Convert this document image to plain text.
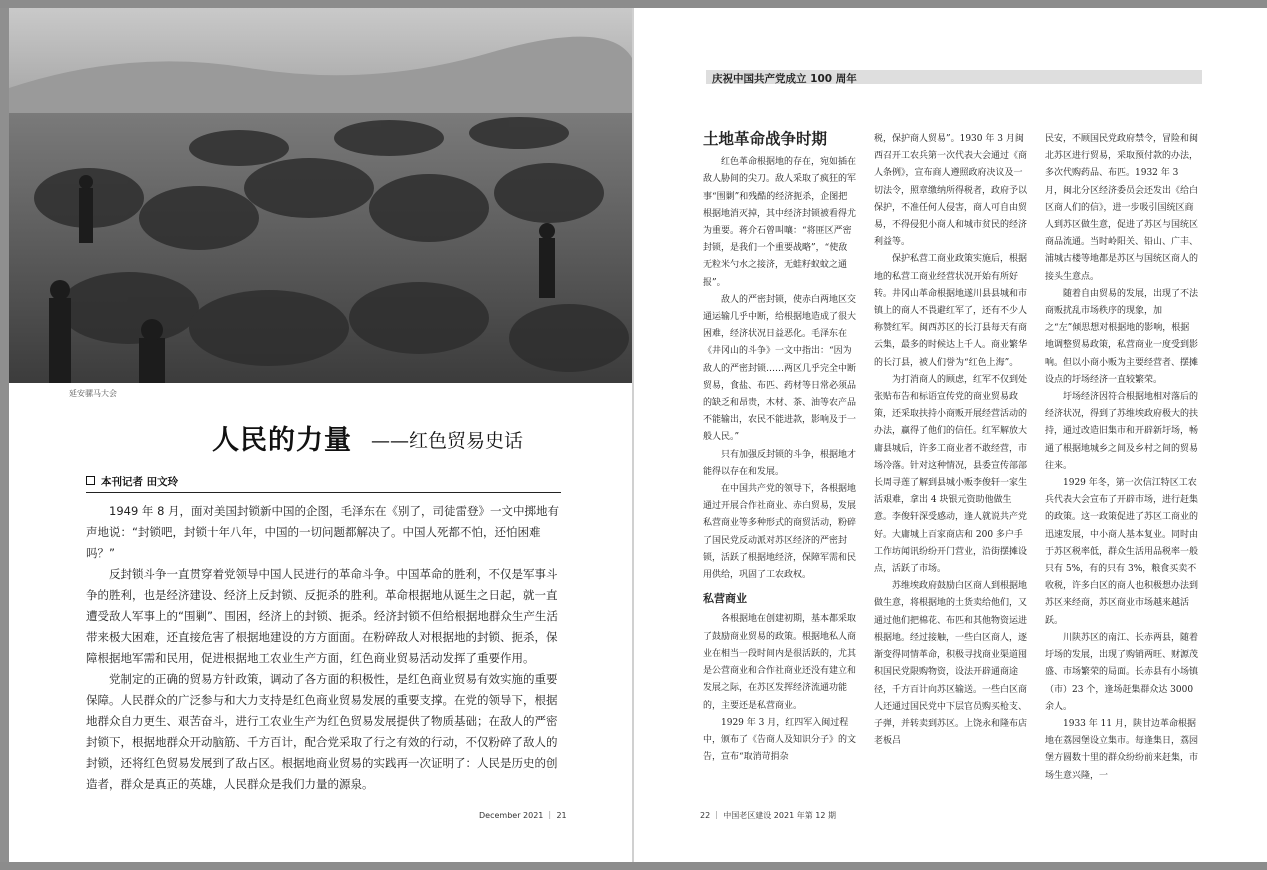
延安骡马大会
人民的力量 ——红色贸易史话
本刊记者 田文玲

1949 年 8 月，面对美国封锁新中国的企图，毛泽东在《别了，司徒雷登》一文中掷地有声地说：“封锁吧，封锁十年八年，中国的一切问题都解决了。中国人死都不怕，还怕困难吗？”

反封锁斗争一直贯穿着党领导中国人民进行的革命斗争。中国革命的胜利，不仅是军事斗争的胜利，也是经济建设、经济上反封锁、反扼杀的胜利。革命根据地从诞生之日起，就一直遭受敌人军事上的“围剿”、围困，经济上的封锁、扼杀。经济封锁不但给根据地群众生产生活带来极大困难，还直接危害了根据地建设的方方面面。在粉碎敌人对根据地的封锁、扼杀，保障根据地军需和民用，促进根据地工农业生产方面，红色商业贸易活动发挥了重要作用。

党制定的正确的贸易方针政策，调动了各方面的积极性，是红色商业贸易有效实施的重要保障。人民群众的广泛参与和大力支持是红色商业贸易发展的重要支撑。在党的领导下，根据地群众自力更生、艰苦奋斗，进行工农业生产为红色贸易发展提供了物质基础；在敌人的严密封锁下，根据地群众开动脑筋、千方百计，配合党采取了行之有效的行动，不仅粉碎了敌人的封锁，还将红色贸易发展到了敌占区。根据地商业贸易的实践再一次证明了：人民是历史的创造者，群众是真正的英雄，人民群众是我们力量的源泉。

December 2021 ｜ 21
庆祝中国共产党成立 100 周年
土地革命战争时期

红色革命根据地的存在，宛如插在敌人胁间的尖刀。敌人采取了疯狂的军事“围剿”和残酷的经济扼杀，企图把根据地消灭掉，其中经济封锁被看得尤为重要。蒋介石曾叫嚷：“将匪区严密封锁，是我们一个重要战略”，“使敌无粒米勺水之接济，无蛙籽蚁蚊之通报”。

敌人的严密封锁，使赤白两地区交通运输几乎中断，给根据地造成了很大困难，经济状况日益恶化。毛泽东在《井冈山的斗争》一文中指出：“因为敌人的严密封锁……两区几乎完全中断贸易，食盐、布匹、药材等日常必须品的缺乏和昂贵，木材、茶、油等农产品不能输出，农民不能进款，影响及于一般人民。”

只有加强反封锁的斗争，根据地才能得以存在和发展。

在中国共产党的领导下，各根据地通过开展合作社商业、赤白贸易，发展私营商业等多种形式的商贸活动，粉碎了国民党反动派对苏区经济的严密封锁，活跃了根据地经济，保障军需和民用供给，巩固了工农政权。

私营商业

各根据地在创建初期，基本都采取了鼓励商业贸易的政策。根据地私人商业在相当一段时间内是很活跃的，尤其是公营商业和合作社商业还没有建立和发展之际，在苏区发挥经济流通功能的，主要还是私营商业。

1929 年 3 月，红四军入闽过程中，颁布了《告商人及知识分子》的文告，宣布“取消苛捐杂

税，保护商人贸易”。1930 年 3 月闽西召开工农兵第一次代表大会通过《商人条例》，宣布商人遵照政府决议及一切法令，照章缴纳所得税者，政府予以保护，不准任何人侵害，商人可自由贸易，不得侵犯小商人和城市贫民的经济利益等。

保护私营工商业政策实施后，根据地的私营工商业经营状况开始有所好转。井冈山革命根据地遂川县县城和市镇上的商人不畏避红军了，还有不少人称赞红军。闽西苏区的长汀县每天有商云集，最多的时候达上千人。商业繁华的长汀县，被人们誉为“红色上海”。

为打消商人的顾虑，红军不仅到处张贴布告和标语宣传党的商业贸易政策，还采取扶持小商贩开展经营活动的办法，赢得了他们的信任。红军解放大庸县城后，许多工商业者不敢经营，市场冷落。针对这种情况，县委宣传部部长周寻莲了解到县城小贩李俊轩一家生活艰难，拿出 4 块银元资助他做生意。李俊轩深受感动，逢人就说共产党好。大庸城上百家商店和 200 多户手工作坊闻讯纷纷开门营业，沿街摆摊设点，活跃了市场。

苏维埃政府鼓励白区商人到根据地做生意，将根据地的土货卖给他们，又通过他们把棉花、布匹和其他物资运进根据地。经过接触，一些白区商人，逐渐变得同情革命，积极寻找商业渠道囤积国民党限购物资，设法开辟通商途径，千方百计向苏区输送。一些白区商人还通过国民党中下层官员购买枪支、子弹，并转卖到苏区。上饶永和隆布店老板吕

民安，不顾国民党政府禁令，冒险和闽北苏区进行贸易，采取预付款的办法，多次代购药品、布匹。1932 年 3 月，闽北分区经济委员会还发出《给白区商人们的信》，进一步吸引国统区商人到苏区做生意，促进了苏区与国统区商品流通。当时岭阳关、铅山、广丰、浦城古楼等地都是苏区与国统区商人的接头生意点。

随着自由贸易的发展，出现了不法商贩扰乱市场秩序的现象，加之“左”倾思想对根据地的影响，根据地调整贸易政策，私营商业一度受到影响。但以小商小贩为主要经营者、摆摊设点的圩场经济一直较繁荣。

圩场经济因符合根据地相对落后的经济状况，得到了苏维埃政府极大的扶持，通过改造旧集市和开辟新圩场，畅通了根据地城乡之间及乡村之间的贸易往来。

1929 年冬，第一次信江特区工农兵代表大会宣布了开辟市场，进行赶集的政策。这一政策促进了苏区工商业的迅速发展，中小商人基本复业。同时由于苏区税率低，群众生活用品税率一般只有 5%，有的只有 3%，粮食买卖不收税，许多白区的商人也积极想办法到苏区来经商，苏区商业市场越来越活跃。

川陕苏区的南江、长赤两县，随着圩场的发展，出现了购销两旺、财源茂盛、市场繁荣的局面。长赤县有小场镇（市）23 个，逢场赶集群众达 3000 余人。

1933 年 11 月，陕甘边革命根据地在荔园堡设立集市。每逢集日，荔园堡方圆数十里的群众纷纷前来赶集，市场生意兴隆，一

22 ｜ 中国老区建设 2021 年第 12 期
